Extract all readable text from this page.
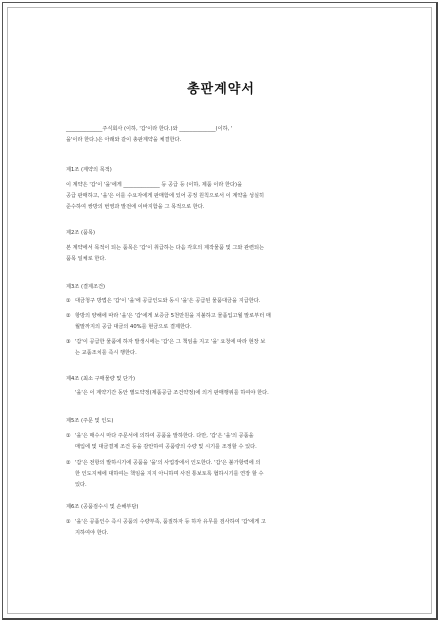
총판계약서
______________주식회사 (이하, '갑'이라 한다.)와 ______________(이하, '
을'이라 한다.)은 아래와 같이 총판계약을 체결한다.
제1조 (계약의 목적)
이 계약은 '갑'이 '을'에게 ______________ 등 공급 등 (이하, 제품 이라 한다)을
공급 판매하고, '을'은 이를 수요자에게 판매함에 있어 공정 원칙으로서 이 계약을 성실히
준수하여 쌍방의 번영과 발전에 이바지함을 그 목적으로 한다.
제2조 (품목)
본 계약에서 목적이 되는 품목은 '갑'이 취급하는 다음 각호의 제작물품 및 그와 관련되는
품목 일체로 한다.
제3조 (결제조건)
① 대금청구 방법은 '갑'이 '을'에 공급인도와 동시 '을'은 공급된 물품대금을 지급한다.
② 항방의 양해에 따라 '을'은 '갑'에게 보증금 5천만원을 지불하고 물품입고월 말로부터 매
월말까지의 공급 대금의 40%를 현금으로 결제한다.
③ '갑'이 공급한 물품에 하자 발생시에는 '갑'은 그 책임을 지고 '을' 요청에 따라 현장 보
는 교품조치를 즉시 행한다.
제4조 (최소 구매물량 및 단가)
'을'은 이 계약기간 동안 별도약정(제품공급 조건약정)에 의거 판매행위를 하여야 한다.
제5조 (주문 및 인도)
① '을'은 매수시 마다 주문서에 의하여 공품을 발하한다. 다만, '갑'은 '을'의 공품을
매입에 및 대금결제 조건 등을 감안하여 공품량의 수량 및 시기를 조정할 수 있다.
② '갑'은 전항의 발하시기에 공품을 '을'의 사업장에서 인도한다. '갑'은 불가항력에 의
한 인도지체에 대하여는 책임을 지지 아니하며 사전 통보토록 협하시기를 연장 할 수
있다.
제6조 (공품검수시 및 손해부담)
① '을'은 공품인수 즉시 공품의 수량부족, 품질하자 등 하자 유무를 검사하여 '갑'에게 고
지하여야 한다.
